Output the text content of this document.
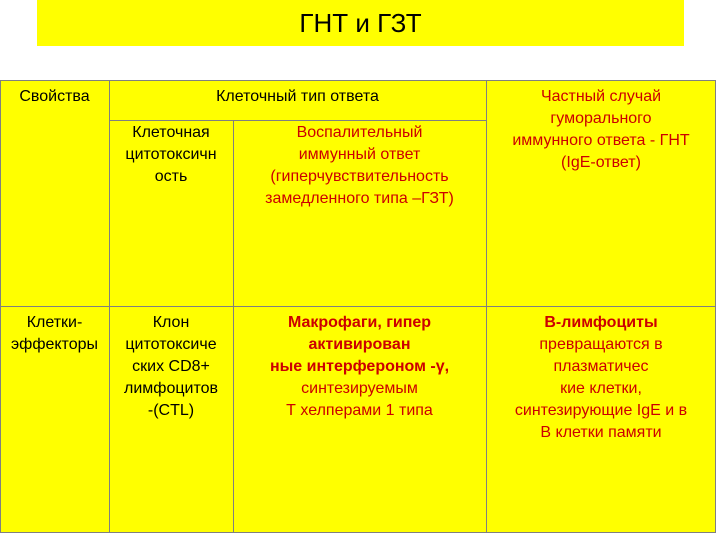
ГНТ и ГЗТ
Свойства	Клеточный тип ответа
Клеточная
цитотоксичн
ость
Воспалительный
иммунный ответ
(гиперчувствительность
замедленного типа –ГЗТ)
Частный случай
гуморального
иммунного ответа - ГНТ
(IgE-ответ)
Клетки-
эффекторы
Клон
цитотоксиче
ских CD8+
лимфоцитов
-(CTL)
Макрофаги, гипер
активирован
ные интерфероном -γ,
синтезируемым
Т хелперами 1 типа
В-лимфоциты
превращаются в
плазматичес
кие клетки,
синтезирующие IgE и в
В клетки памяти
